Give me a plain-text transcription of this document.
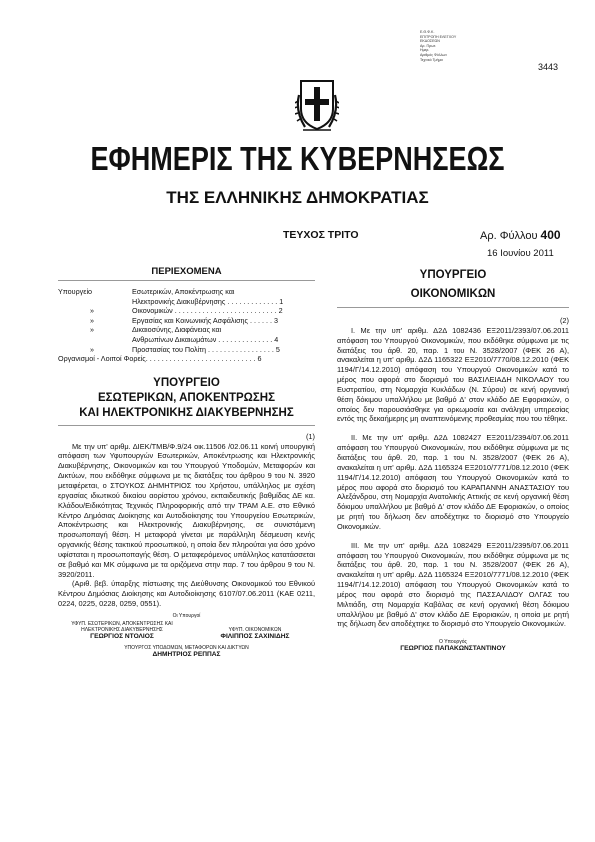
Ε.Θ.Φ.Κ.
ΕΠΙΤΡΟΠΗ ΕΛΕΓΧΟΥ
ΕΚΔΟΣΕΩΝ
Αρ. Πρωτ.
Ημερ.
Αριθμός Φύλλων
Τεχνικό Τμήμα
3443
ΕΦΗΜΕΡΙΣ ΤΗΣ ΚΥΒΕΡΝΗΣΕΩΣ
ΤΗΣ ΕΛΛΗΝΙΚΗΣ ΔΗΜΟΚΡΑΤΙΑΣ
ΤΕΥΧΟΣ ΤΡΙΤΟ	Αρ. Φύλλου 400
16 Ιουνίου 2011
ΠΕΡΙΕΧΟΜΕΝΑ
Υπουργείο	Εσωτερικών, Αποκέντρωσης και
Ηλεκτρονικής Διακυβέρνησης . . . . . . . . . . . . . 1
»	Οικονομικών . . . . . . . . . . . . . . . . . . . . . . . . . . 2
»	Εργασίας και Κοινωνικής Ασφάλισης . . . . . . 3
»	Δικαιοσύνης, Διαφάνειας και
Ανθρωπίνων Δικαιωμάτων . . . . . . . . . . . . . . 4
»	Προστασίας του Πολίτη . . . . . . . . . . . . . . . . . 5
Οργανισμοί - Λοιποί Φορείς . . . . . . . . . . . . . . . . . . . . . . . . . . . . 6
ΥΠΟΥΡΓΕΙΟ
ΕΣΩΤΕΡΙΚΩΝ, ΑΠΟΚΕΝΤΡΩΣΗΣ
ΚΑΙ ΗΛΕΚΤΡΟΝΙΚΗΣ ΔΙΑΚΥΒΕΡΝΗΣΗΣ
(1)

Με την υπ' αριθμ. ΔΙΕΚ/ΤΜΒ/Φ.9/24 οικ.11506 /02.06.11 κοινή υπουργική απόφαση των Υφυπουργών Εσωτερικών, Αποκέντρωσης και Ηλεκτρονικής Διακυβέρνησης, Οικονομικών και του Υπουργού Υποδομών, Μεταφορών και Δικτύων, που εκδόθηκε σύμφωνα με τις διατάξεις του άρθρου 9 του Ν. 3920 μεταφέρεται, ο ΣΤΟΥΚΟΣ ΔΗΜΗΤΡΙΟΣ του Χρήστου, υπάλληλος με σχέση εργασίας ιδιωτικού δικαίου αορίστου χρόνου, εκπαιδευτικής βαθμίδας ΔΕ κα. Κλάδου/Ειδικότητας Τεχνικός Πληροφορικής από την ΤΡΑΜ Α.Ε. στο Εθνικό Κέντρο Δημόσιας Διοίκησης και Αυτοδιοίκησης του Υπουργείου Εσωτερικών, Αποκέντρωσης και Ηλεκτρονικής Διακυβέρνησης, σε συνιστάμενη προσωποπαγή θέση. Η μεταφορά γίνεται με παράλληλη δέσμευση κενής οργανικής θέσης τακτικού προσωπικού, η οποία δεν πληρούται για όσο χρόνο υφίσταται η προσωποπαγής θέση. Ο μεταφερόμενος υπάλληλος κατατάσσεται σε βαθμό και ΜΚ σύμφωνα με τα οριζόμενα στην παρ. 7 του άρθρου 9 του Ν. 3920/2011.

(Αριθ. βεβ. ύπαρξης πίστωσης της Διεύθυνσης Οικονομικού του Εθνικού Κέντρου Δημόσιας Διοίκησης και Αυτοδιοίκησης 6107/07.06.2011 (ΚΑΕ 0211, 0224, 0225, 0228, 0259, 0551).

Οι Υπουργοί
ΥΦΥΠ. ΕΣΩΤΕΡΙΚΩΝ, ΑΠΟΚΕΝΤΡΩΣΗΣ ΚΑΙ ΗΛΕΚΤΡΟΝΙΚΗΣ ΔΙΑΚΥΒΕΡΝΗΣΗΣ
ΓΕΩΡΓΙΟΣ ΝΤΟΛΙΟΣ
ΥΦΥΠ. ΟΙΚΟΝΟΜΙΚΩΝ
ΦΙΛΙΠΠΟΣ ΣΑΧΙΝΙΔΗΣ
ΥΠΟΥΡΓΟΣ ΥΠΟΔΟΜΩΝ, ΜΕΤΑΦΟΡΩΝ ΚΑΙ ΔΙΚΤΥΩΝ
ΔΗΜΗΤΡΙΟΣ ΡΕΠΠΑΣ
ΥΠΟΥΡΓΕΙΟ
ΟΙΚΟΝΟΜΙΚΩΝ
(2)

Ι. Με την υπ' αριθμ. Δ2Δ 1082436 ΕΞ2011/2393/07.06.2011 απόφαση του Υπουργού Οικονομικών, που εκδόθηκε σύμφωνα με τις διατάξεις του άρθ. 20, παρ. 1 του Ν. 3528/2007 (ΦΕΚ 26 Α), ανακαλείται η υπ' αριθμ. Δ2Δ 1165322 ΕΞ2010/7770/08.12.2010 (ΦΕΚ 1194/Γ/14.12.2010) απόφαση του Υπουργού Οικονομικών κατά το μέρος που αφορά στο διορισμό του ΒΑΣΙΛΕΙΑΔΗ ΝΙΚΟΛΑΟΥ του Ευστρατίου, στη Νομαρχία Κυκλάδων (Ν. Σύρου) σε κενή οργανική θέση δόκιμου υπαλλήλου με βαθμό Δ' στον κλάδο ΔΕ Εφοριακών, ο οποίος δεν παρουσιάσθηκε για ορκωμοσία και ανάληψη υπηρεσίας εντός της δεκαήμερης μη αναπτεινόμενης προθεσμίας που του τέθηκε.

ΙΙ. Με την υπ' αριθμ. Δ2Δ 1082427 ΕΞ2011/2394/07.06.2011 απόφαση του Υπουργού Οικονομικών, που εκδόθηκε σύμφωνα με τις διατάξεις του άρθ. 20, παρ. 1 του Ν. 3528/2007 (ΦΕΚ 26 Α), ανακαλείται η υπ' αριθμ. Δ2Δ 1165324 ΕΞ2010/7771/08.12.2010 (ΦΕΚ 1194/Γ/14.12.2010) απόφαση του Υπουργού Οικονομικών κατά το μέρος που αφορά στο διορισμό του ΚΑΡΑΠΑΝΝΗ ΑΝΑΣΤΑΣΙΟΥ του Αλεξάνδρου, στη Νομαρχία Ανατολικής Αττικής σε κενή οργανική θέση δόκιμου υπαλλήλου με βαθμό Δ' στον κλάδο ΔΕ Εφοριακών, ο οποίος με ρητή του δήλωση δεν αποδέχτηκε το διορισμό στο Υπουργείο Οικονομικών.

ΙΙΙ. Με την υπ' αριθμ. Δ2Δ 1082429 ΕΞ2011/2395/07.06.2011 απόφαση του Υπουργού Οικονομικών, που εκδόθηκε σύμφωνα με τις διατάξεις του άρθ. 20, παρ. 1 του Ν. 3528/2007 (ΦΕΚ 26 Α), ανακαλείται η υπ' αριθμ. Δ2Δ 1165324 ΕΞ2010/7771/08.12.2010 (ΦΕΚ 1194/Γ/14.12.2010) απόφαση του Υπουργού Οικονομικών κατά το μέρος που αφορά στο διορισμό της ΠΑΣΣΑΛΙΔΟΥ ΟΛΓΑΣ του Μιλτιάδη, στη Νομαρχία Καβάλας σε κενή οργανική θέση δόκιμου υπαλλήλου με βαθμό Δ' στον κλάδο ΔΕ Εφοριακών, η οποία με ρητή της δήλωση δεν αποδέχτηκε το διορισμό στο Υπουργείο Οικονομικών.

Ο Υπουργός
ΓΕΩΡΓΙΟΣ ΠΑΠΑΚΩΝΣΤΑΝΤΙΝΟΥ
